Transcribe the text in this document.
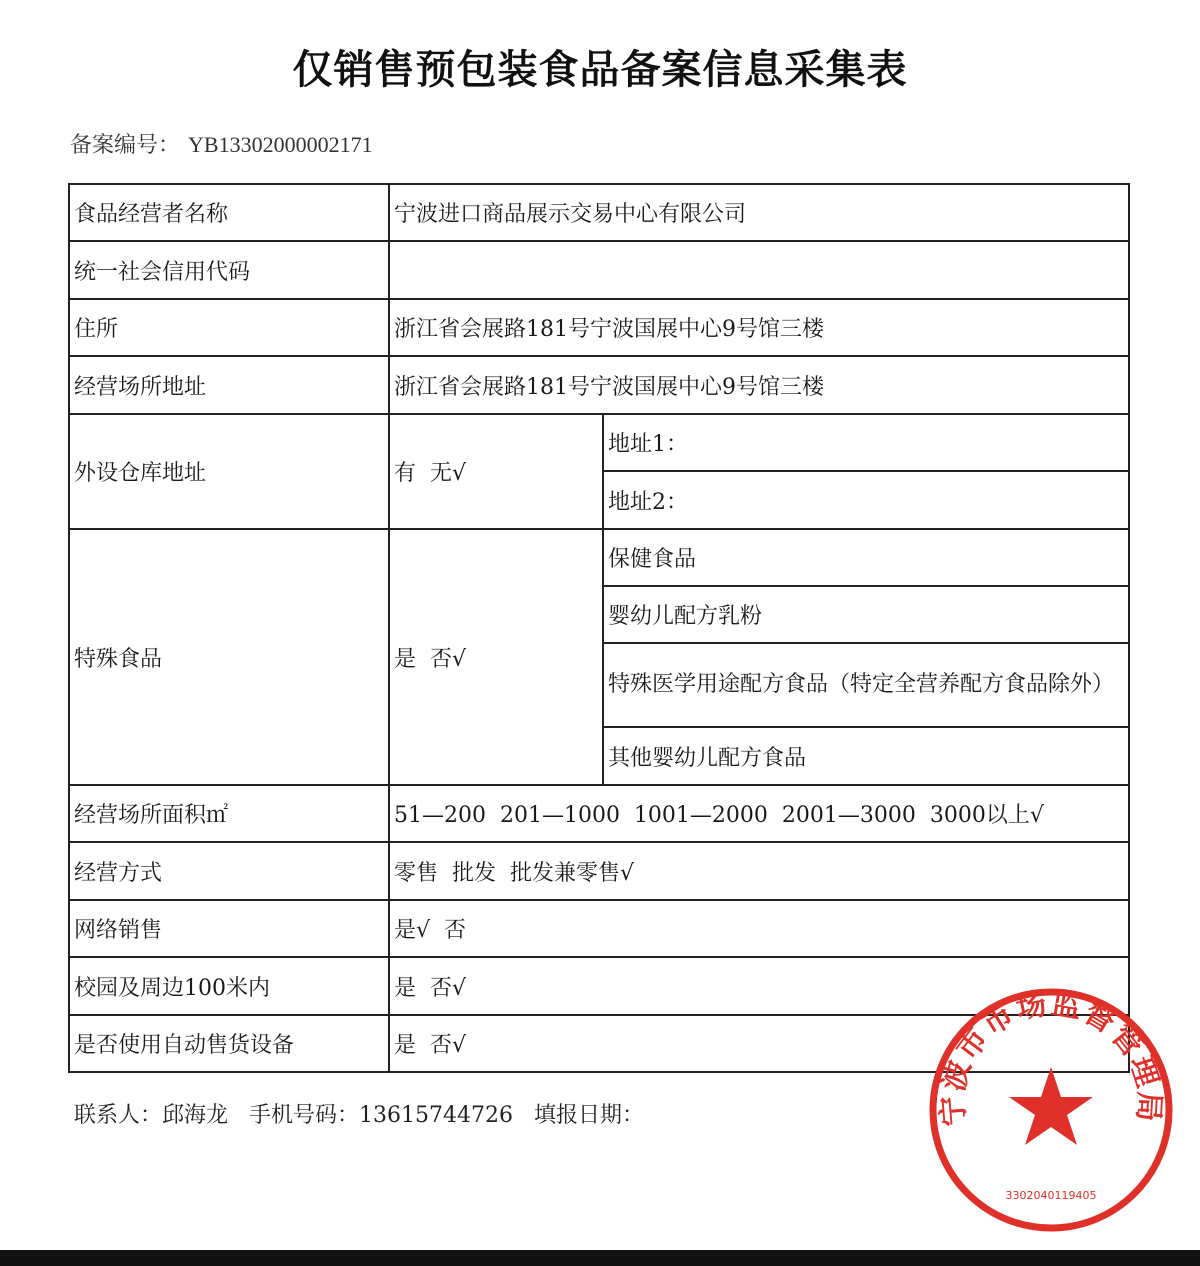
仅销售预包装食品备案信息采集表
备案编号： YB13302000002171
食品经营者名称	宁波进口商品展示交易中心有限公司	
统一社会信用代码		
住所	浙江省会展路181号宁波国展中心9号馆三楼	
经营场所地址	浙江省会展路181号宁波国展中心9号馆三楼	
外设仓库地址	有  无√	地址1：
		地址2：
特殊食品	是  否√	保健食品
		婴幼儿配方乳粉
		特殊医学用途配方食品（特定全营养配方食品除外）
		其他婴幼儿配方食品
经营场所面积㎡	51—200  201—1000  1001—2000  2001—3000  3000以上√	
经营方式	零售  批发  批发兼零售√	
网络销售	是√  否	
校园及周边100米内	是  否√	
是否使用自动售货设备	是  否√	
联系人：邱海龙 手机号码：13615744726 填报日期：	宁波市市场监督管理局
3302040119405
